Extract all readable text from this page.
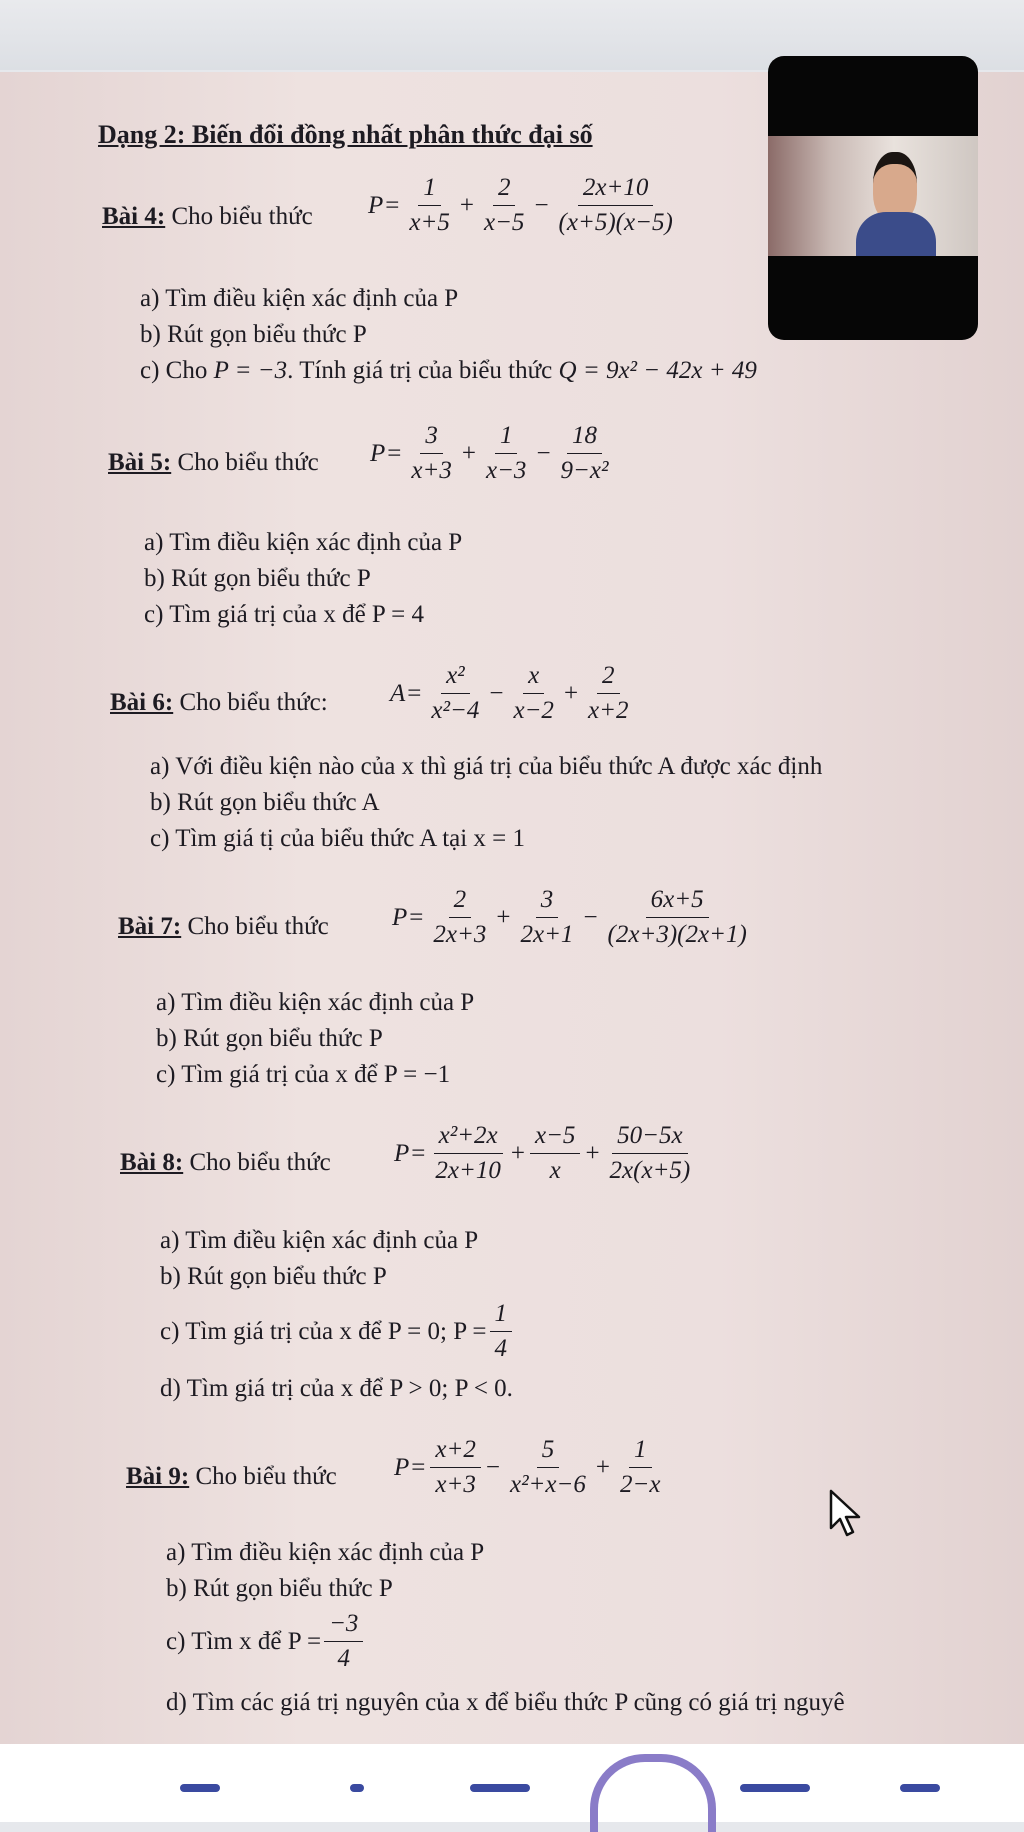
Dạng 2: Biến đổi đồng nhất phân thức đại số
Bài 4: Cho biểu thức $P = \frac{1}{x+5} + \frac{2}{x-5} - \frac{2x+10}{(x+5)(x-5)}$
a) Tìm điều kiện xác định của P
b) Rút gọn biểu thức P
c) Cho P = −3. Tính giá trị của biểu thức Q = 9x² − 42x + 49
Bài 5: Cho biểu thức $P = \frac{3}{x+3} + \frac{1}{x-3} - \frac{18}{\text{9−x²}}$
a) Tìm điều kiện xác định của P
b) Rút gọn biểu thức P
c) Tìm giá trị của x để P = 4
Bài 6: Cho biểu thức: $A = \frac{\text{x²}}{\text{x²−4}} - \frac{x}{x-2} + \frac{2}{x+2}$
a) Với điều kiện nào của x thì giá trị của biểu thức A được xác định
b) Rút gọn biểu thức A
c) Tìm giá tị của biểu thức A tại x = 1
Bài 7: Cho biểu thức	$P = \frac{2}{2x+3} + \frac{3}{2x+1} - \frac{6x+5}{(2x+3)(2x+1)}$
a) Tìm điều kiện xác định của P
b) Rút gọn biểu thức P
c) Tìm giá trị của x để P = −1
Bài 8: Cho biểu thức	$P = \frac{\text{x²+2x}}{2x+10} + \frac{x-5}{x} + \frac{50-5x}{2x(x+5)}$
a) Tìm điều kiện xác định của P
b) Rút gọn biểu thức P
c) Tìm giá trị của x để P = 0; $P = \frac{1}{4}$
d) Tìm giá trị của x để P > 0; P < 0.
Bài 9: Cho biểu thức $P = \frac{x+2}{x+3} - \frac{5}{\text{x²+x−6}} + \frac{1}{2-x}$
a) Tìm điều kiện xác định của P
b) Rút gọn biểu thức P
c) Tìm x để $P = \frac{-3}{4}$
d) Tìm các giá trị nguyên của x để biểu thức P cũng có giá trị nguyê
